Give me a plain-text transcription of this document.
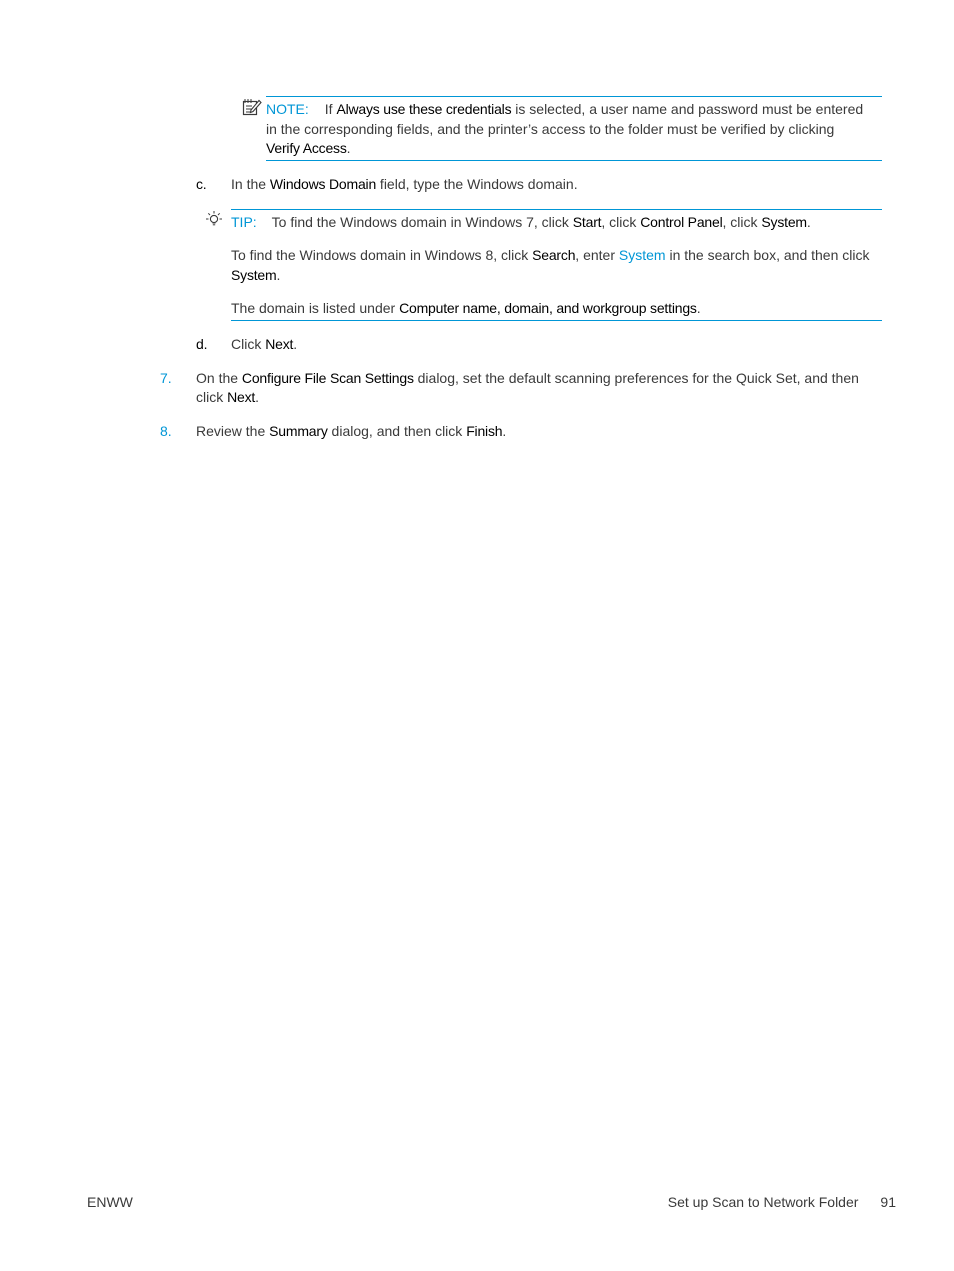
NOTE: If Always use these credentials is selected, a user name and password must be entered
in the corresponding fields, and the printer’s access to the folder must be verified by clicking
Verify Access.
c. In the Windows Domain field, type the Windows domain.
TIP: To find the Windows domain in Windows 7, click Start, click Control Panel, click System.
To find the Windows domain in Windows 8, click Search, enter System in the search box, and then click
System.
The domain is listed under Computer name, domain, and workgroup settings.
d. Click Next.
7. On the Configure File Scan Settings dialog, set the default scanning preferences for the Quick Set, and then
click Next.
8. Review the Summary dialog, and then click Finish.
ENWW	Set up Scan to Network Folder 91
